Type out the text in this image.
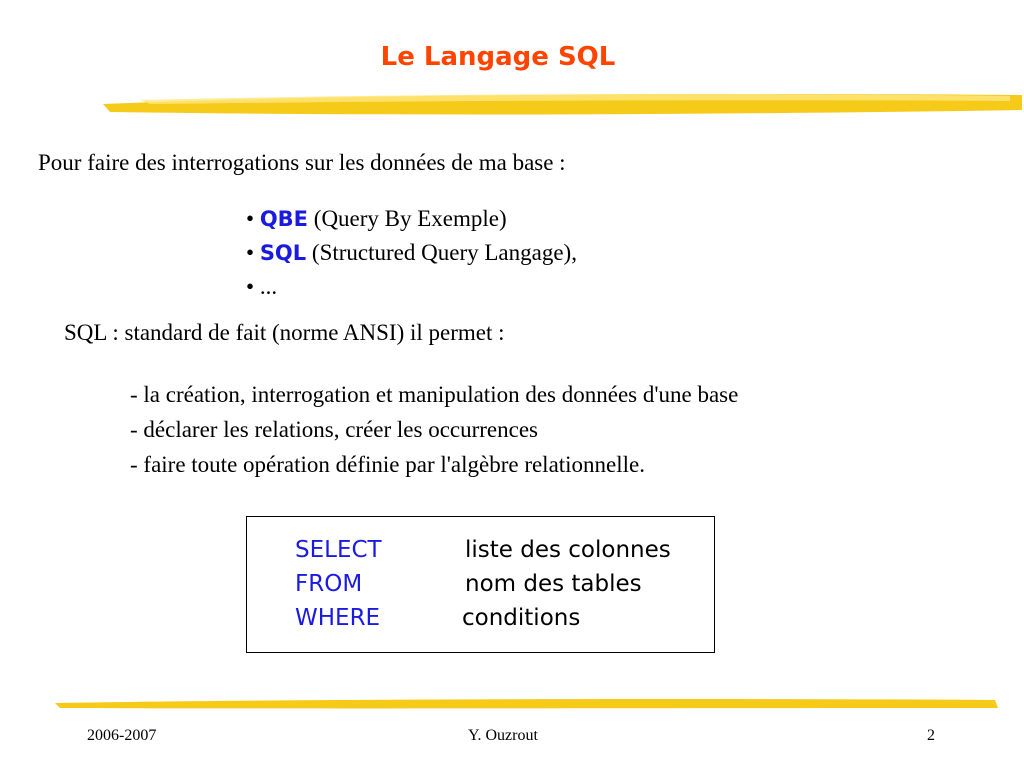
Le Langage SQL
Pour faire des interrogations sur les données de ma base :
• QBE (Query By Exemple)
• SQL (Structured Query Langage),
• ...
SQL : standard de fait (norme ANSI) il permet :
- la création, interrogation et manipulation des données d'une base
- déclarer les relations, créer les occurrences
- faire toute opération définie par l'algèbre relationnelle.
SELECT	liste des colonnes
FROM	nom des tables
WHERE	conditions
2006-2007	Y. Ouzrout	2
